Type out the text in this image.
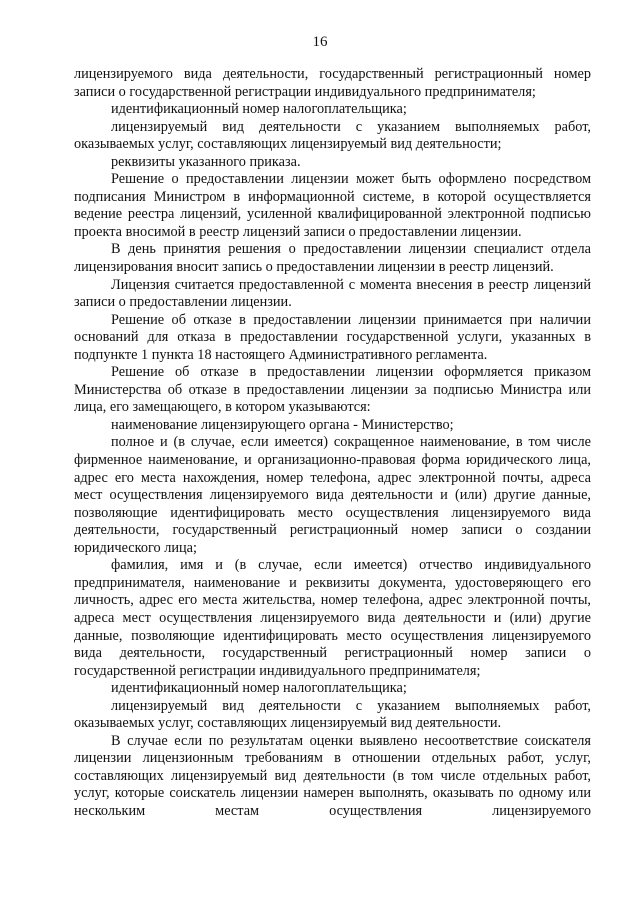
16

лицензируемого вида деятельности, государственный регистрационный номер записи о государственной регистрации индивидуального предпринимателя;

идентификационный номер налогоплательщика;

лицензируемый вид деятельности с указанием выполняемых работ, оказываемых услуг, составляющих лицензируемый вид деятельности;

реквизиты указанного приказа.

Решение о предоставлении лицензии может быть оформлено посредством подписания Министром в информационной системе, в которой осуществляется ведение реестра лицензий, усиленной квалифицированной электронной подписью проекта вносимой в реестр лицензий записи о предоставлении лицензии.

В день принятия решения о предоставлении лицензии специалист отдела лицензирования вносит запись о предоставлении лицензии в реестр лицензий.

Лицензия считается предоставленной с момента внесения в реестр лицензий записи о предоставлении лицензии.

Решение об отказе в предоставлении лицензии принимается при наличии оснований для отказа в предоставлении государственной услуги, указанных в подпункте 1 пункта 18 настоящего Административного регламента.

Решение об отказе в предоставлении лицензии оформляется приказом Министерства об отказе в предоставлении лицензии за подписью Министра или лица, его замещающего, в котором указываются:

наименование лицензирующего органа - Министерство;

полное и (в случае, если имеется) сокращенное наименование, в том числе фирменное наименование, и организационно-правовая форма юридического лица, адрес его места нахождения, номер телефона, адрес электронной почты, адреса мест осуществления лицензируемого вида деятельности и (или) другие данные, позволяющие идентифицировать место осуществления лицензируемого вида деятельности, государственный регистрационный номер записи о создании юридического лица;

фамилия, имя и (в случае, если имеется) отчество индивидуального предпринимателя, наименование и реквизиты документа, удостоверяющего его личность, адрес его места жительства, номер телефона, адрес электронной почты, адреса мест осуществления лицензируемого вида деятельности и (или) другие данные, позволяющие идентифицировать место осуществления лицензируемого вида деятельности, государственный регистрационный номер записи о государственной регистрации индивидуального предпринимателя;

идентификационный номер налогоплательщика;

лицензируемый вид деятельности с указанием выполняемых работ, оказываемых услуг, составляющих лицензируемый вид деятельности.

В случае если по результатам оценки выявлено несоответствие соискателя лицензии лицензионным требованиям в отношении отдельных работ, услуг, составляющих лицензируемый вид деятельности (в том числе отдельных работ, услуг, которые соискатель лицензии намерен выполнять, оказывать по одному или нескольким местам осуществления лицензируемого
